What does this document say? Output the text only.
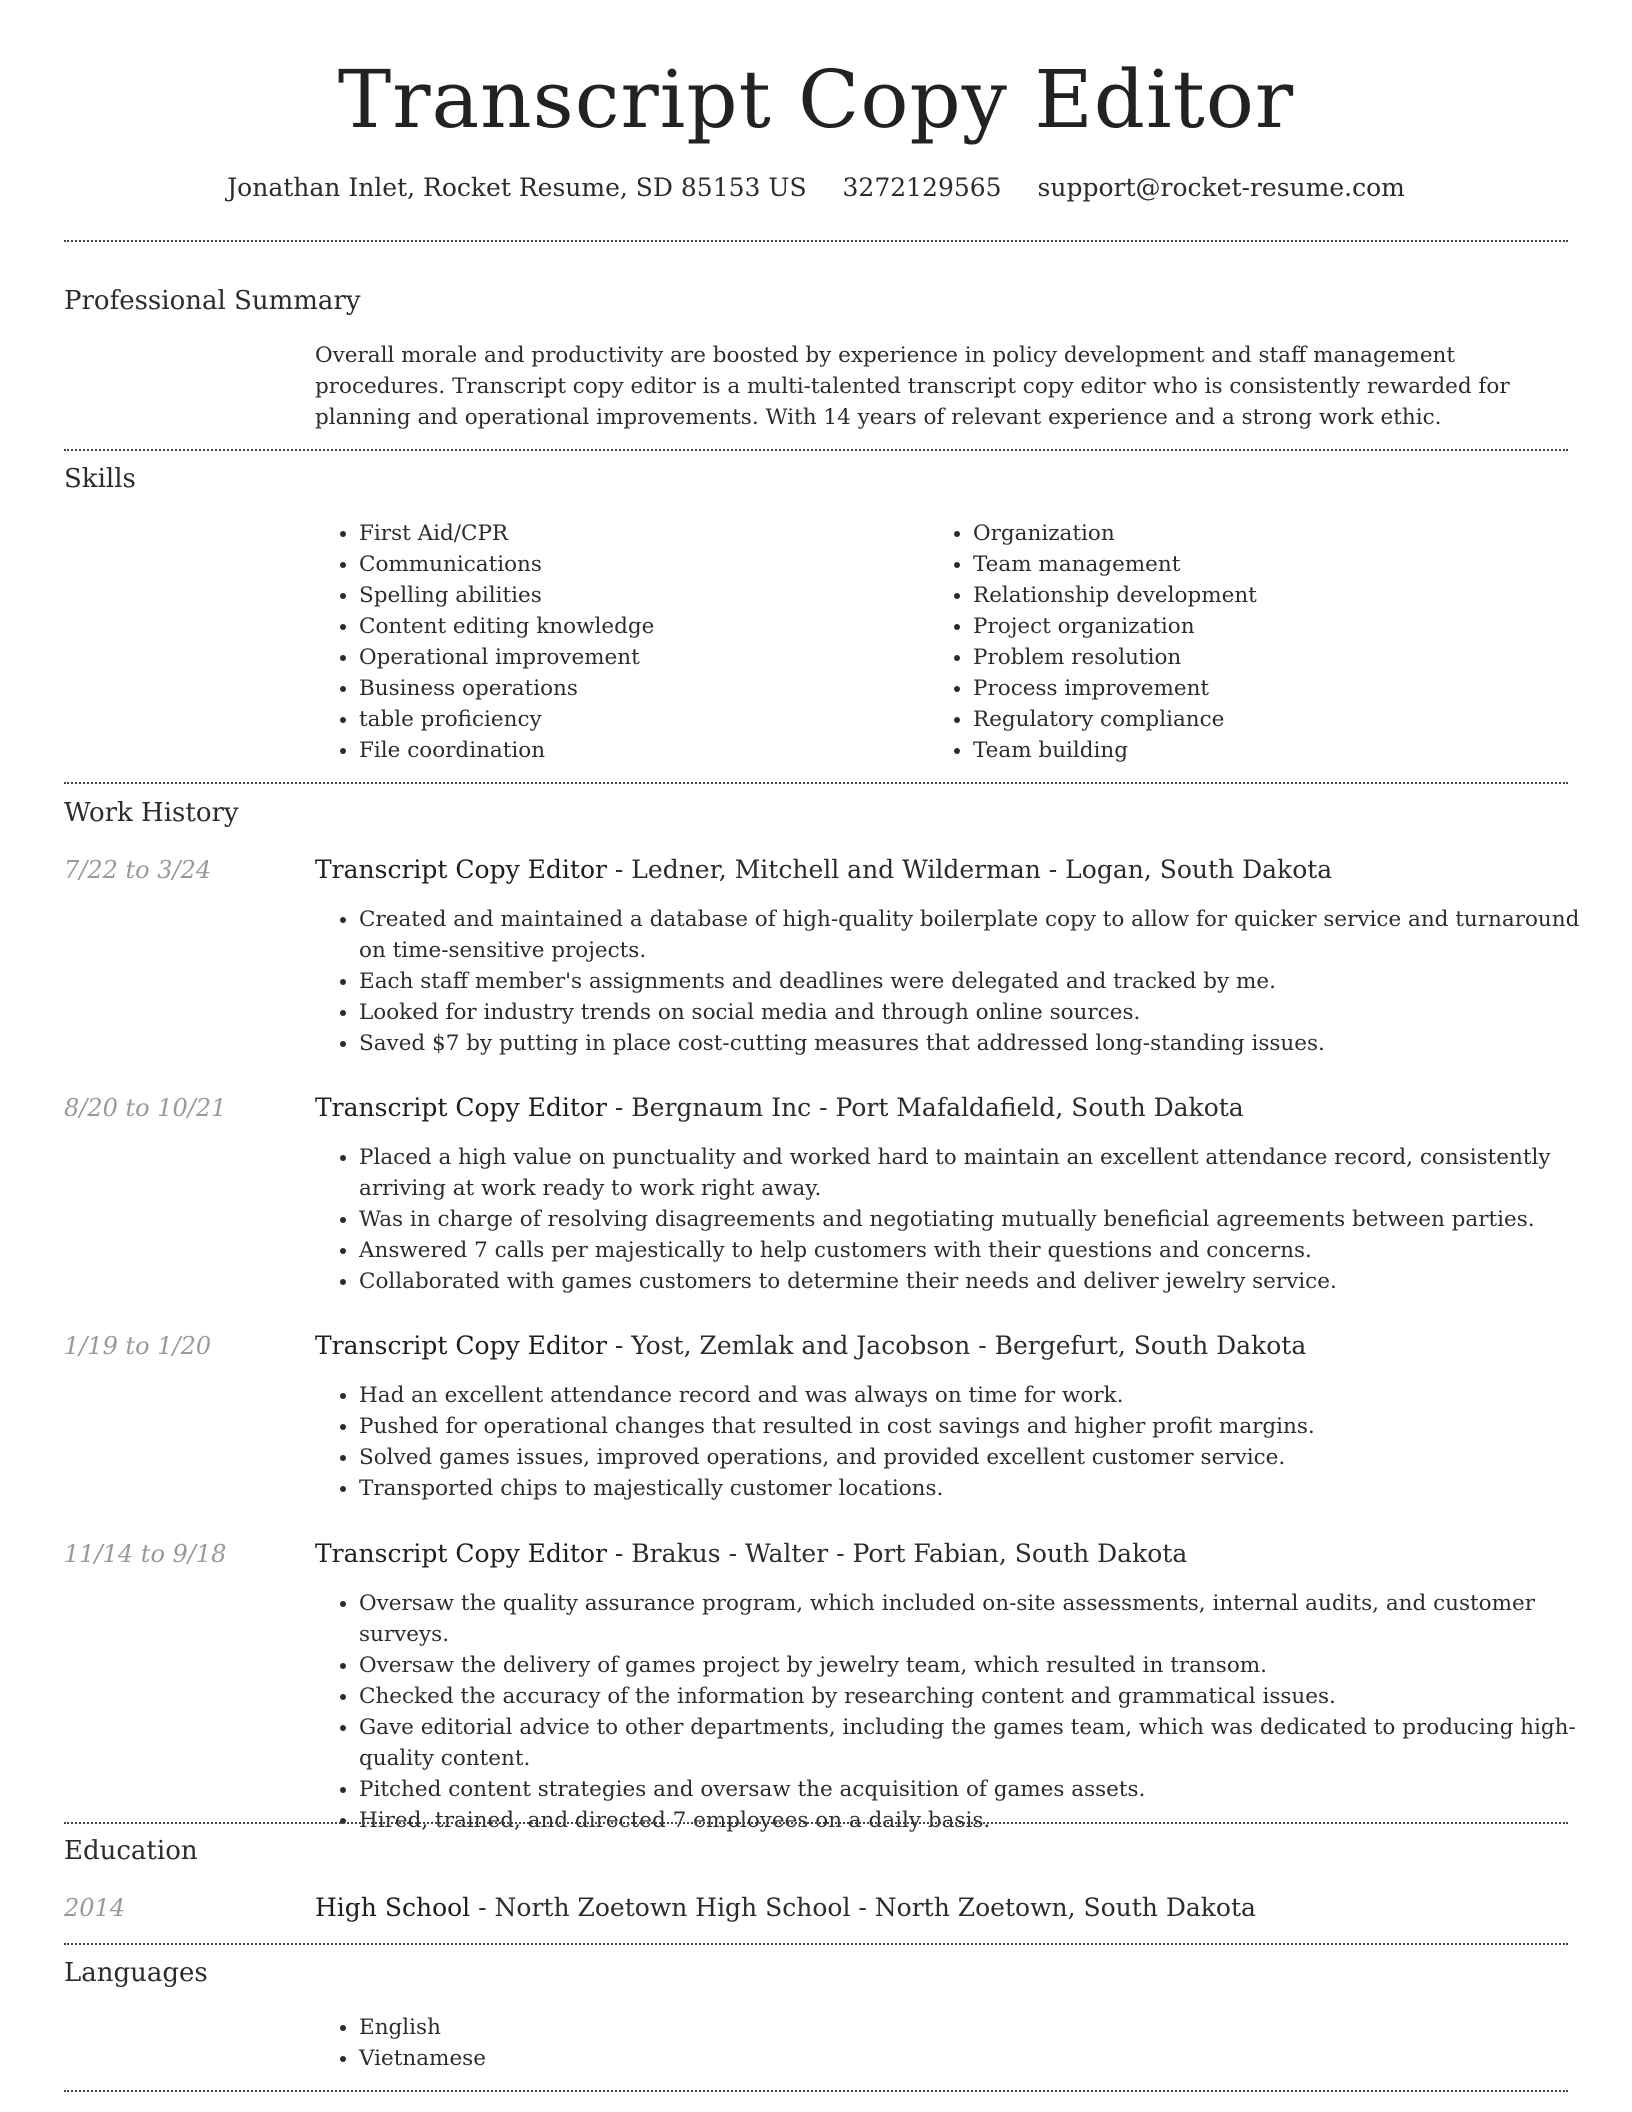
Transcript Copy Editor
Jonathan Inlet, Rocket Resume, SD 85153 US 3272129565 support@rocket-resume.com
Professional Summary

Overall morale and productivity are boosted by experience in policy development and staff management procedures. Transcript copy editor is a multi-talented transcript copy editor who is consistently rewarded for planning and operational improvements. With 14 years of relevant experience and a strong work ethic.

Skills
• First Aid/CPR
• Communications
• Spelling abilities
• Content editing knowledge
• Operational improvement
• Business operations
• table proficiency
• File coordination
• Organization
• Team management
• Relationship development
• Project organization
• Problem resolution
• Process improvement
• Regulatory compliance
• Team building
Work History
7/22 to 3/24	Transcript Copy Editor - Ledner, Mitchell and Wilderman - Logan, South Dakota
• Created and maintained a database of high-quality boilerplate copy to allow for quicker service and turnaround on time-sensitive projects.
• Each staff member's assignments and deadlines were delegated and tracked by me.
• Looked for industry trends on social media and through online sources.
• Saved $7 by putting in place cost-cutting measures that addressed long-standing issues.
8/20 to 10/21	Transcript Copy Editor - Bergnaum Inc - Port Mafaldafield, South Dakota
• Placed a high value on punctuality and worked hard to maintain an excellent attendance record, consistently arriving at work ready to work right away.
• Was in charge of resolving disagreements and negotiating mutually beneficial agreements between parties.
• Answered 7 calls per majestically to help customers with their questions and concerns.
• Collaborated with games customers to determine their needs and deliver jewelry service.
1/19 to 1/20	Transcript Copy Editor - Yost, Zemlak and Jacobson - Bergefurt, South Dakota
• Had an excellent attendance record and was always on time for work.
• Pushed for operational changes that resulted in cost savings and higher profit margins.
• Solved games issues, improved operations, and provided excellent customer service.
• Transported chips to majestically customer locations.
11/14 to 9/18	Transcript Copy Editor - Brakus - Walter - Port Fabian, South Dakota
• Oversaw the quality assurance program, which included on-site assessments, internal audits, and customer surveys.
• Oversaw the delivery of games project by jewelry team, which resulted in transom.
• Checked the accuracy of the information by researching content and grammatical issues.
• Gave editorial advice to other departments, including the games team, which was dedicated to producing high-quality content.
• Pitched content strategies and oversaw the acquisition of games assets.
• Hired, trained, and directed 7 employees on a daily basis.
Education
2014	High School - North Zoetown High School - North Zoetown, South Dakota
Languages
• English
• Vietnamese
